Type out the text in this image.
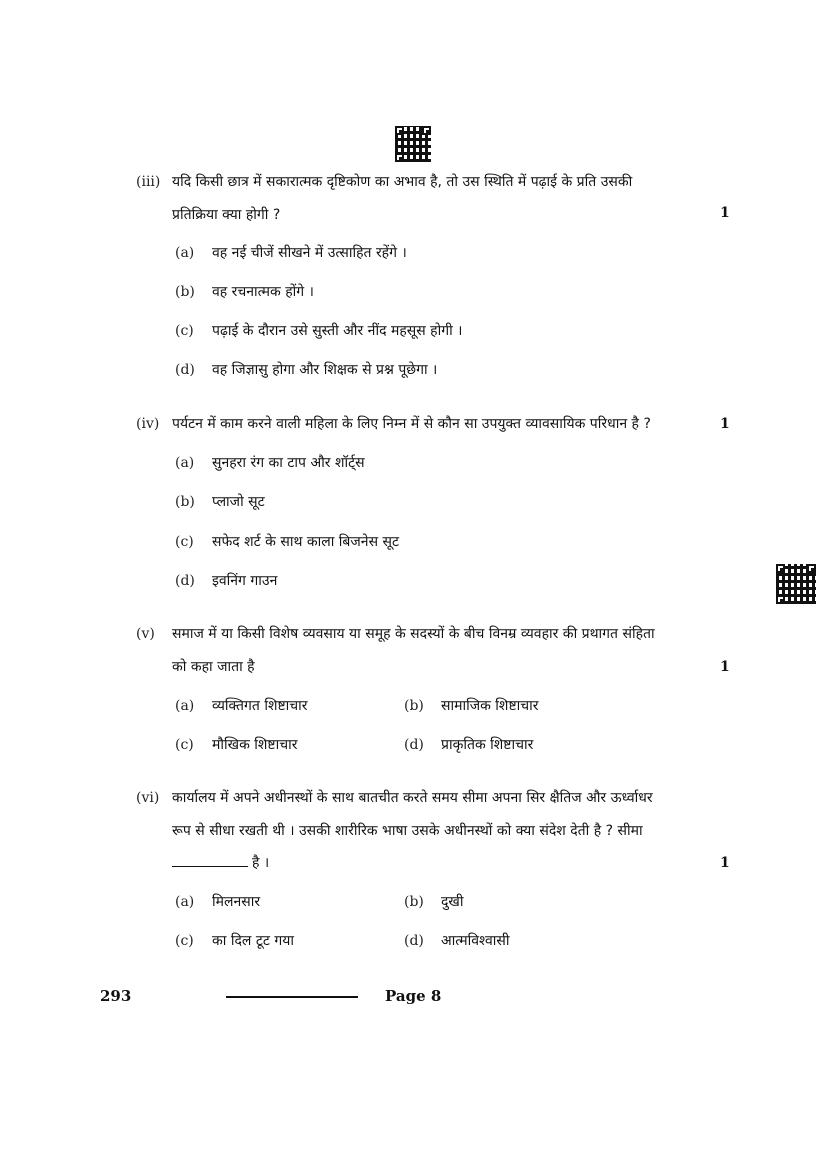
(iii) यदि किसी छात्र में सकारात्मक दृष्टिकोण का अभाव है, तो उस स्थिति में पढ़ाई के प्रति उसकी
प्रतिक्रिया क्या होगी ?	1
(a) वह नई चीजें सीखने में उत्साहित रहेंगे ।
(b) वह रचनात्मक होंगे ।
(c) पढ़ाई के दौरान उसे सुस्ती और नींद महसूस होगी ।
(d) वह जिज्ञासु होगा और शिक्षक से प्रश्न पूछेगा ।
(iv) पर्यटन में काम करने वाली महिला के लिए निम्न में से कौन सा उपयुक्त व्यावसायिक परिधान है ?	1
(a) सुनहरा रंग का टाप और शॉर्ट्स
(b) प्लाजो सूट
(c) सफेद शर्ट के साथ काला बिजनेस सूट
(d) इवनिंग गाउन
(v) समाज में या किसी विशेष व्यवसाय या समूह के सदस्यों के बीच विनम्र व्यवहार की प्रथागत संहिता
को कहा जाता है	1
(a) व्यक्तिगत शिष्टाचार	(b) सामाजिक शिष्टाचार
(c) मौखिक शिष्टाचार	(d) प्राकृतिक शिष्टाचार
(vi) कार्यालय में अपने अधीनस्थों के साथ बातचीत करते समय सीमा अपना सिर क्षैतिज और ऊर्ध्वाधर
रूप से सीधा रखती थी । उसकी शारीरिक भाषा उसके अधीनस्थों को क्या संदेश देती है ? सीमा
है ।	1
(a) मिलनसार	(b) दुखी
(c) का दिल टूट गया	(d) आत्मविश्वासी
293	Page 8
